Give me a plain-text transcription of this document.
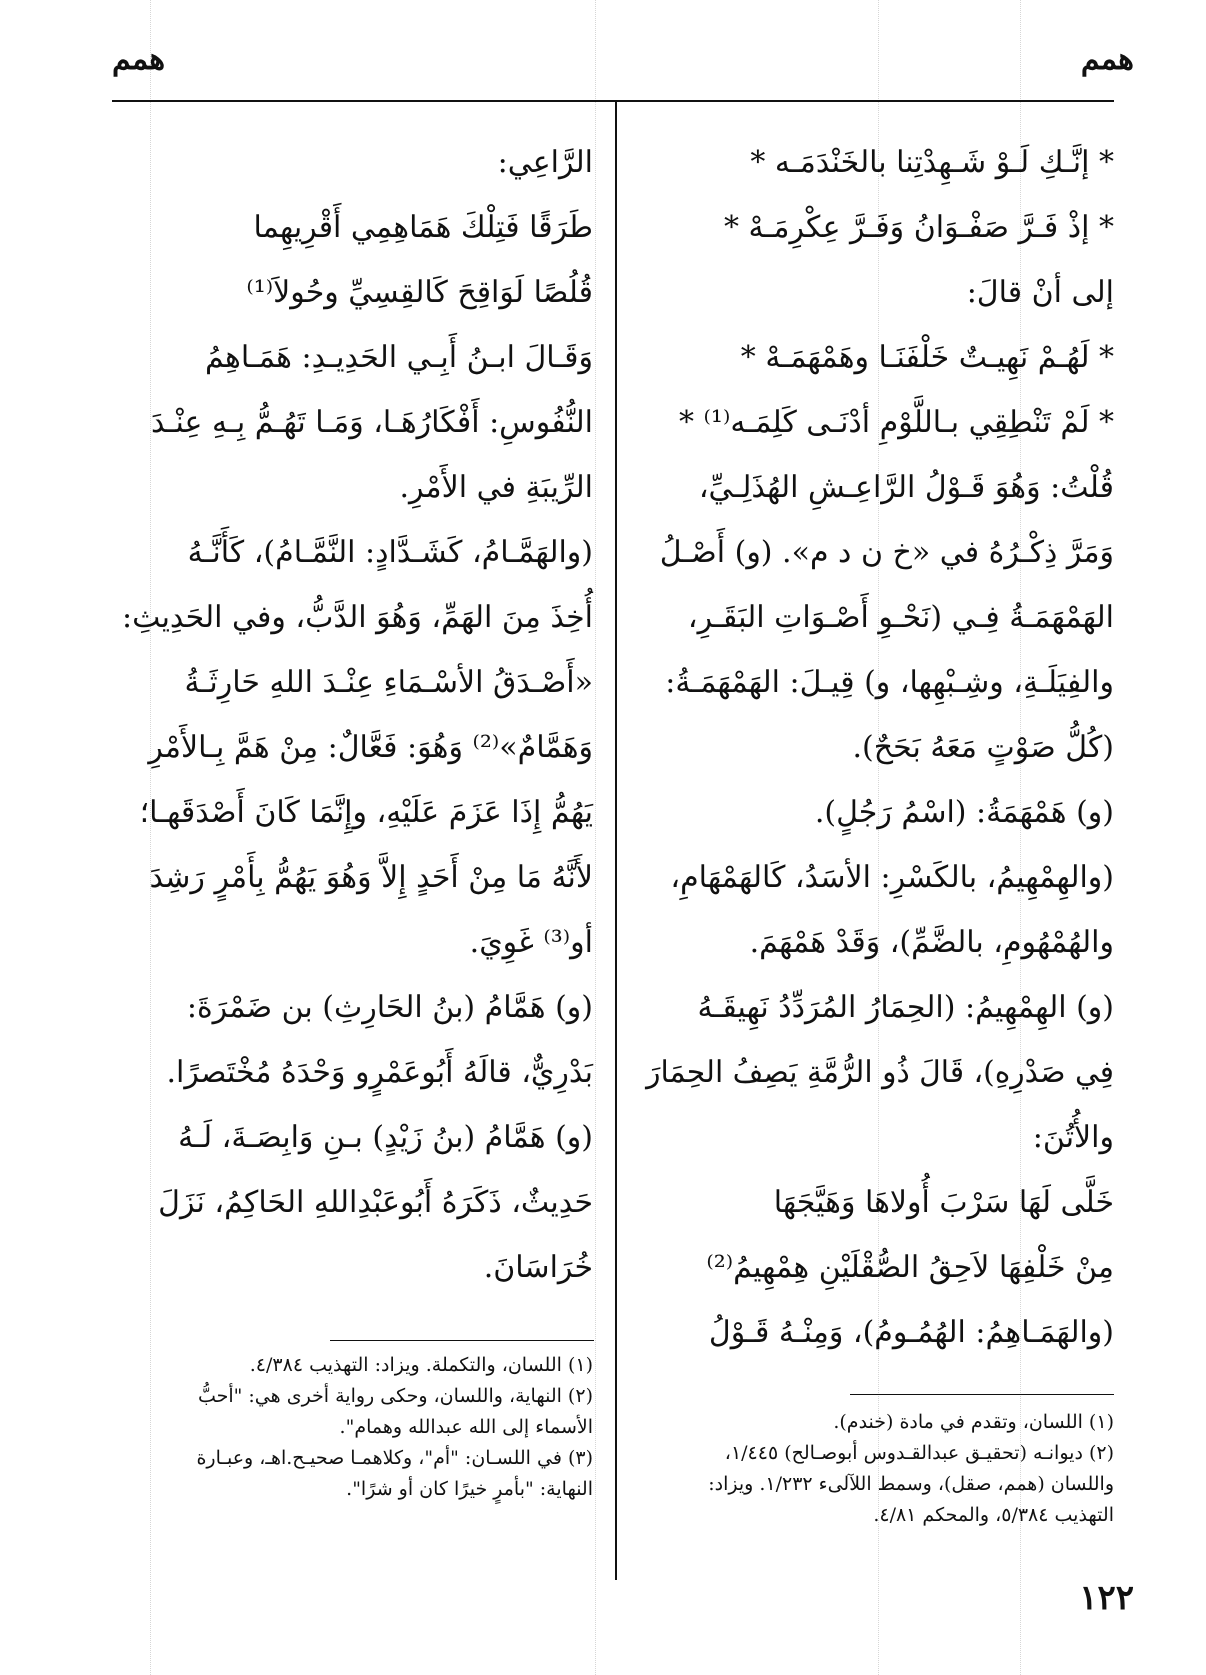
همم
همم

* إنَّـكِ لَـوْ شَـهِدْتِنا بالخَنْدَمَـه *

* إذْ فَـرَّ صَفْـوَانُ وَفَـرَّ عِكْرِمَـهْ *

إلى أنْ قالَ:

* لَهُـمْ نَهِيـتٌ خَلْفَنَـا وهَمْهَمَـهْ *

* لَمْ تَنْطِقِي بـاللَّوْمِ أدْنَـى كَلِمَـه⁽¹⁾ *

قُلْتُ: وَهُوَ قَـوْلُ الرَّاعِـشِ الهُذَلِـيِّ،

وَمَرَّ ذِكْـرُهُ في «خ ن د م». (و) أَصْـلُ

الهَمْهَمَـةُ فِـي (نَحْـوِ أَصْـوَاتِ البَقَـرِ،

والفِيَلَـةِ، وشِـبْهِها، و) قِيـلَ: الهَمْهَمَـةُ:

(كُلُّ صَوْتٍ مَعَهُ بَحَحٌ).

(و) هَمْهَمَةُ: (اسْمُ رَجُلٍ).

(والهِمْهِيمُ، بالكَسْرِ: الأسَدُ، كَالهَمْهَامِ،

والهُمْهُومِ، بالضَّمِّ)، وَقَدْ هَمْهَمَ.

(و) الهِمْهِيمُ: (الحِمَارُ المُرَدِّدُ نَهِيقَـهُ

فِي صَدْرِهِ)، قَالَ ذُو الرُّمَّةِ يَصِفُ الحِمَارَ

والأُتُنَ:

خَلَّى لَهَا سَرْبَ أُولاهَا وَهَيَّجَهَا

مِنْ خَلْفِهَا لاَحِقُ الصُّقْلَيْنِ هِمْهِيمُ⁽²⁾

(والهَمَـاهِمُ: الهُمُـومُ)، وَمِنْـهُ قَـوْلُ

الرَّاعِي:

طَرَقًا فَتِلْكَ هَمَاهِمِي أَقْرِيهِما

قُلُصًا لَوَاقِحَ كَالقِسِيِّ وحُولاَ⁽¹⁾

وَقَـالَ ابـنُ أَبِـي الحَدِيـدِ: هَمَـاهِمُ

النُّفُوسِ: أَفْكَارُهَـا، وَمَـا تَهُـمُّ بِـهِ عِنْـدَ

الرِّيبَةِ في الأَمْرِ.

(والهَمَّـامُ، كَشَـدَّادٍ: النَّمَّـامُ)، كَأَنَّـهُ

أُخِذَ مِنَ الهَمِّ، وَهُوَ الدَّبُّ، وفي الحَدِيثِ:

«أَصْـدَقُ الأسْـمَاءِ عِنْـدَ اللهِ حَارِثَـةُ

وَهَمَّامٌ»⁽²⁾ وَهُوَ: فَعَّالٌ: مِنْ هَمَّ بِـالأَمْرِ

يَهُمُّ إِذَا عَزَمَ عَلَيْهِ، وإِنَّمَا كَانَ أَصْدَقَهـا؛

لأَنَّهُ مَا مِنْ أَحَدٍ إِلاَّ وَهُوَ يَهُمُّ بِأَمْرٍ رَشِدَ

أو⁽³⁾ غَوِيَ.

(و) هَمَّامُ (بنُ الحَارِثِ) بن ضَمْرَةَ:

بَدْرِيٌّ، قالَهُ أَبُوعَمْرٍو وَحْدَهُ مُخْتَصرًا.

(و) هَمَّامُ (بنُ زَيْدٍ) بـنِ وَابِصَـةَ، لَـهُ

حَدِيثٌ، ذَكَرَهُ أَبُوعَبْدِاللهِ الحَاكِمُ، نَزَلَ

خُرَاسَانَ.

(١) اللسان، وتقدم في مادة (خندم).

(٢) ديوانـه (تحقيـق عبدالقـدوس أبوصـالح) ١/٤٤٥،

واللسان (همم، صقل)، وسمط اللآلىء ١/٢٣٢. ويزاد:

التهذيب ٥/٣٨٤، والمحكم ٤/٨١.

(١) اللسان، والتكملة. ويزاد: التهذيب ٤/٣٨٤.

(٢) النهاية، واللسان، وحكى رواية أخرى هي: "أحبُّ

الأسماء إلى الله عبدالله وهمام".

(٣) في اللسـان: "أم"، وكلاهمـا صحيـح.اهـ، وعبـارة

النهاية: "بأمرٍ خيرًا كان أو شرًا".

١٢٢
